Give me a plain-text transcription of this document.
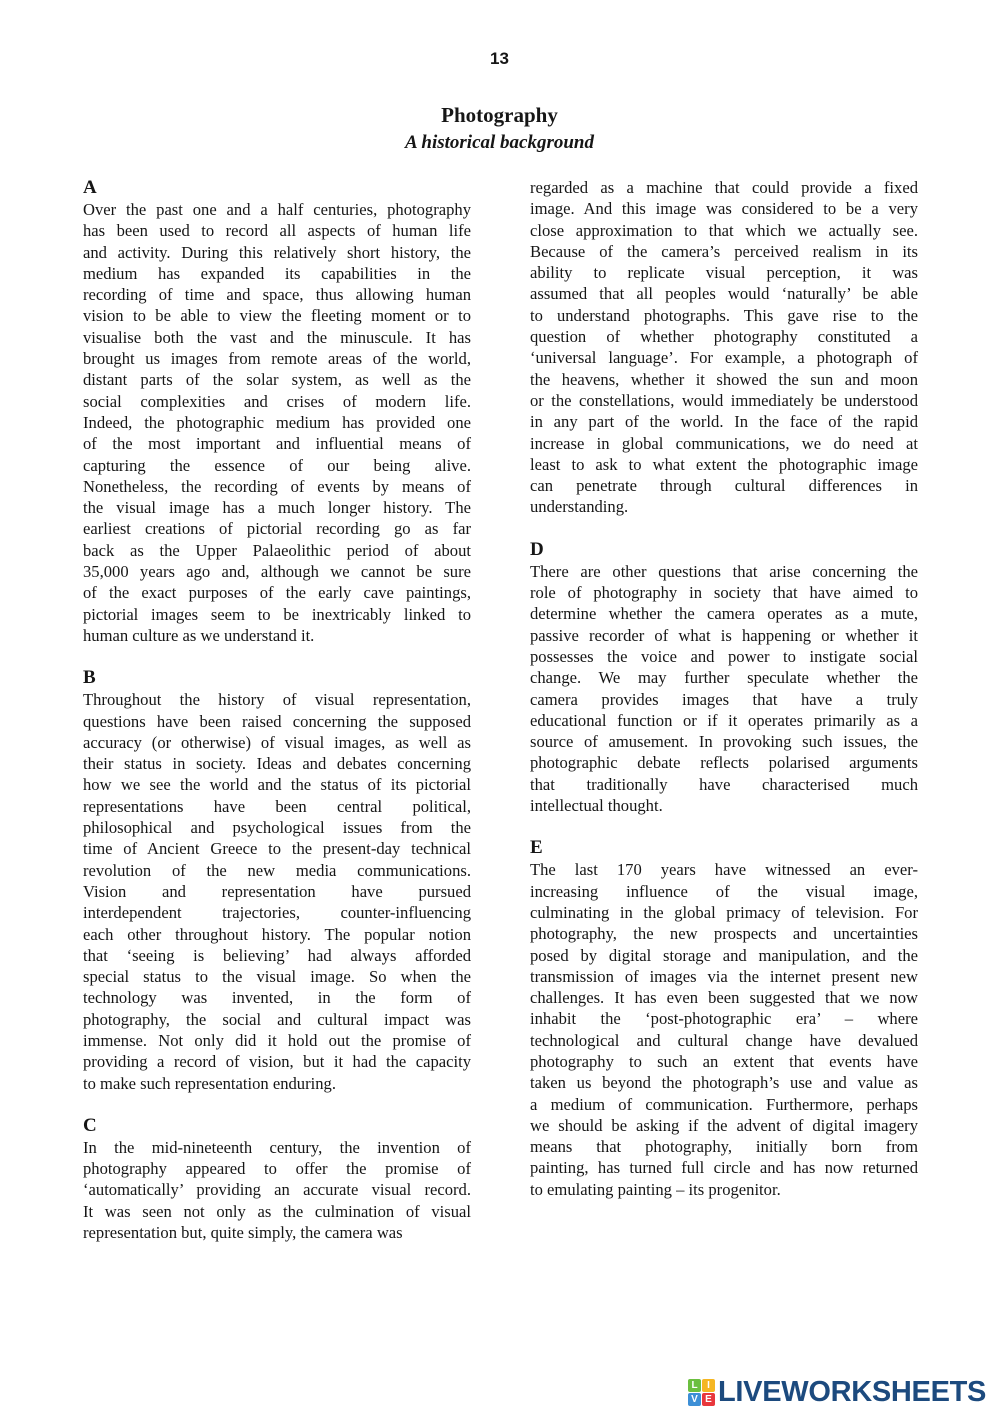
13
Photography
A historical background
A
Over the past one and a half centuries, photography
has been used to record all aspects of human life
and activity. During this relatively short history, the
medium has expanded its capabilities in the
recording of time and space, thus allowing human
vision to be able to view the fleeting moment or to
visualise both the vast and the minuscule. It has
brought us images from remote areas of the world,
distant parts of the solar system, as well as the
social complexities and crises of modern life.
Indeed, the photographic medium has provided one
of the most important and influential means of
capturing the essence of our being alive.
Nonetheless, the recording of events by means of
the visual image has a much longer history. The
earliest creations of pictorial recording go as far
back as the Upper Palaeolithic period of about
35,000 years ago and, although we cannot be sure
of the exact purposes of the early cave paintings,
pictorial images seem to be inextricably linked to
human culture as we understand it.
B
Throughout the history of visual representation,
questions have been raised concerning the supposed
accuracy (or otherwise) of visual images, as well as
their status in society. Ideas and debates concerning
how we see the world and the status of its pictorial
representations have been central political,
philosophical and psychological issues from the
time of Ancient Greece to the present-day technical
revolution of the new media communications.
Vision and representation have pursued
interdependent trajectories, counter-influencing
each other throughout history. The popular notion
that ‘seeing is believing’ had always afforded
special status to the visual image. So when the
technology was invented, in the form of
photography, the social and cultural impact was
immense. Not only did it hold out the promise of
providing a record of vision, but it had the capacity
to make such representation enduring.
C
In the mid-nineteenth century, the invention of
photography appeared to offer the promise of
‘automatically’ providing an accurate visual record.
It was seen not only as the culmination of visual
representation but, quite simply, the camera was
regarded as a machine that could provide a fixed
image. And this image was considered to be a very
close approximation to that which we actually see.
Because of the camera’s perceived realism in its
ability to replicate visual perception, it was
assumed that all peoples would ‘naturally’ be able
to understand photographs. This gave rise to the
question of whether photography constituted a
‘universal language’. For example, a photograph of
the heavens, whether it showed the sun and moon
or the constellations, would immediately be understood
in any part of the world. In the face of the rapid
increase in global communications, we do need at
least to ask to what extent the photographic image
can penetrate through cultural differences in
understanding.
D
There are other questions that arise concerning the
role of photography in society that have aimed to
determine whether the camera operates as a mute,
passive recorder of what is happening or whether it
possesses the voice and power to instigate social
change. We may further speculate whether the
camera provides images that have a truly
educational function or if it operates primarily as a
source of amusement. In provoking such issues, the
photographic debate reflects polarised arguments
that traditionally have characterised much
intellectual thought.
E
The last 170 years have witnessed an ever-
increasing influence of the visual image,
culminating in the global primacy of television. For
photography, the new prospects and uncertainties
posed by digital storage and manipulation, and the
transmission of images via the internet present new
challenges. It has even been suggested that we now
inhabit the ‘post-photographic era’ – where
technological and cultural change have devalued
photography to such an extent that events have
taken us beyond the photograph’s use and value as
a medium of communication. Furthermore, perhaps
we should be asking if the advent of digital imagery
means that photography, initially born from
painting, has turned full circle and has now returned
to emulating painting – its progenitor.
L I
V E LIVEWORKSHEETS
